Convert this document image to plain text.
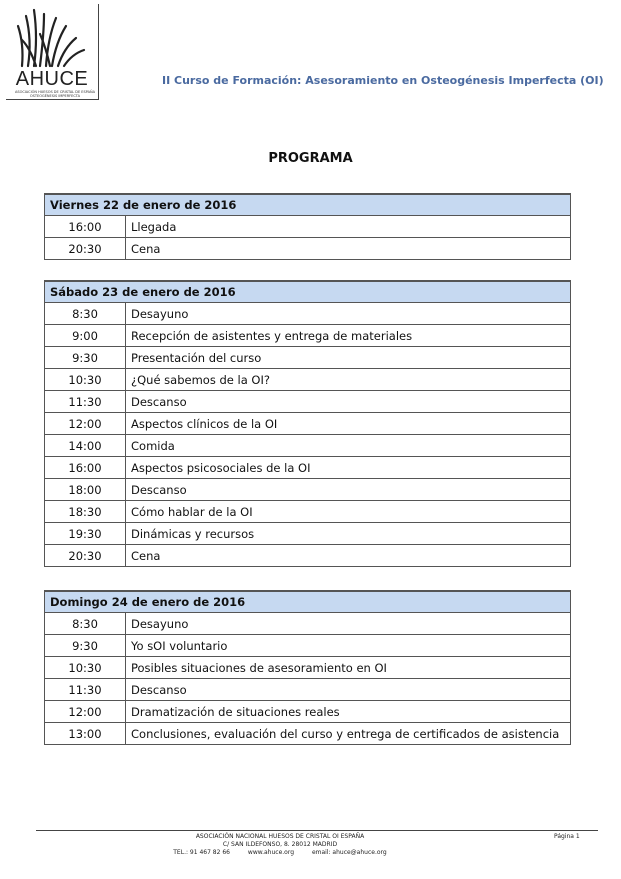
AHUCE
ASOCIACIÓN HUESOS DE CRISTAL DE ESPAÑA OSTEOGÉNESIS IMPERFECTA
II Curso de Formación: Asesoramiento en Osteogénesis Imperfecta (OI)
PROGRAMA
Viernes 22 de enero de 2016	
16:00	Llegada
20:30	Cena
Sábado 23 de enero de 2016	
8:30	Desayuno
9:00	Recepción de asistentes y entrega de materiales
9:30	Presentación del curso
10:30	¿Qué sabemos de la OI?
11:30	Descanso
12:00	Aspectos clínicos de la OI
14:00	Comida
16:00	Aspectos psicosociales de la OI
18:00	Descanso
18:30	Cómo hablar de la OI
19:30	Dinámicas y recursos
20:30	Cena
Domingo 24 de enero de 2016	
8:30	Desayuno
9:30	Yo sOI voluntario
10:30	Posibles situaciones de asesoramiento en OI
11:30	Descanso
12:00	Dramatización de situaciones reales
13:00	Conclusiones, evaluación del curso y entrega de certificados de asistencia
ASOCIACIÓN NACIONAL HUESOS DE CRISTAL OI ESPAÑA
C/ SAN ILDEFONSO, 8. 28012 MADRID
TEL.: 91 467 82 66	www.ahuce.org	email: ahuce@ahuce.org
Página 1
